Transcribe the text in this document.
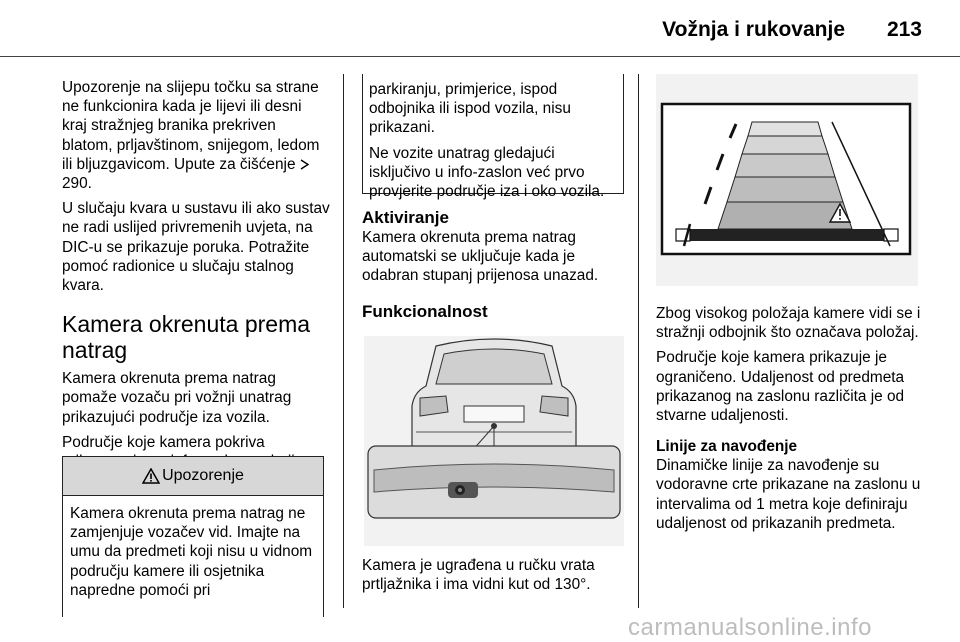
Vožnja i rukovanje	213

Upozorenje na slijepu točku sa strane ne funkcionira kada je lijevi ili desni kraj stražnjeg branika prekriven blatom, prljavštinom, snijegom, ledom ili bljuzgavicom. Upute za čišćenje  290.

U slučaju kvara u sustavu ili ako sustav ne radi uslijed privremenih uvjeta, na DIC-u se prikazuje poruka. Potražite pomoć radionice u slučaju stalnog kvara.

Kamera okrenuta prema natrag

Kamera okrenuta prema natrag pomaže vozaču pri vožnji unatrag prikazujući područje iza vozila.

Područje koje kamera pokriva

Upozorenje

Kamera okrenuta prema natrag ne zamjenjuje vozačev vid. Imajte na umu da predmeti koji nisu u vidnom području kamere ili osjetnika napredne pomoći pri

parkiranju, primjerice, ispod odbojnika ili ispod vozila, nisu prikazani.

Ne vozite unatrag gledajući isključivo u info-zaslon već prvo provjerite područje iza i oko vozila.

Aktiviranje

Kamera okrenuta prema natrag automatski se uključuje kada je odabran stupanj prijenosa unazad.

Funkcionalnost

Kamera je ugrađena u ručku vrata prtljažnika i ima vidni kut od 130°.

Zbog visokog položaja kamere vidi se i stražnji odbojnik što označava položaj.

Područje koje kamera prikazuje je ograničeno. Udaljenost od predmeta prikazanog na zaslonu različita je od stvarne udaljenosti.

Linije za navođenje

Dinamičke linije za navođenje su vodoravne crte prikazane na zaslonu u intervalima od 1 metra koje definiraju udaljenost od prikazanih predmeta.

carmanualsonline.info
